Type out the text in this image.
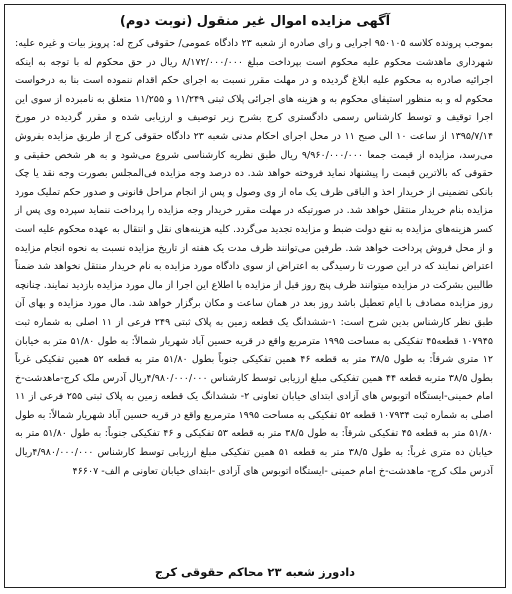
آگهی مزایده اموال غیر منقول (نوبت دوم)

بموجب پرونده کلاسه ۹۵۰۱۰۵ اجرایی و رای صادره از شعبه ۲۳ دادگاه عمومی/ حقوقی کرج له: پرویز بیات و غیره علیه: شهرداری ماهدشت محکوم علیه محکوم است بپرداخت مبلغ ۸/۱۷۲/۰۰۰/۰۰۰ ریال در حق محکوم له با توجه به اینکه اجرائیه صادره به محکوم علیه ابلاغ گردیده و در مهلت مقرر نسبت به اجرای حکم اقدام ننموده است بنا به درخواست محکوم له و به منظور استیفای محکوم به و هزینه های اجرائی پلاک ثبتی ۱۱/۲۴۹ و ۱۱/۲۵۵ متعلق به نامبرده از سوی این اجرا توقیف و توسط کارشناس رسمی دادگستری کرج بشرح زیر توصیف و ارزیابی شده و مقرر گردیده در مورخ ۱۳۹۵/۷/۱۴ از ساعت ۱۰ الی صبح ۱۱ در محل اجرای احکام مدنی شعبه ۲۳ دادگاه حقوقی کرج از طریق مزایده بفروش می‌رسد، مزایده از قیمت جمعا ۹/۹۶۰/۰۰۰/۰۰۰ ریال طبق نظریه کارشناسی شروع می‌شود و به هر شخص حقیقی و حقوقی که بالاترین قیمت را پیشنهاد نماید فروخته خواهد شد. ده درصد وجه مزایده فی‌المجلس بصورت وجه نقد یا چک بانکی تضمینی از خریدار اخذ و الباقی ظرف یک ماه از وی وصول و پس از انجام مراحل قانونی و صدور حکم تملیک مورد مزایده بنام خریدار منتقل خواهد شد. در صورتیکه در مهلت مقرر خریدار وجه مزایده را پرداخت ننماید سپرده وی پس از کسر هزینه‌های مزایده به نفع دولت ضبط و مزایده تجدید می‌گردد. کلیه هزینه‌های نقل و انتقال به عهده محکوم علیه است و از محل فروش پرداخت خواهد شد. طرفین می‌توانند ظرف مدت یک هفته از تاریخ مزایده نسبت به نحوه انجام مزایده اعتراض نمایند که در این صورت تا رسیدگی به اعتراض از سوی دادگاه مورد مزایده به نام خریدار منتقل نخواهد شد ضمناً طالبین بشرکت در مزایده میتوانند ظرف پنج روز قبل از مزایده با اطلاع این اجرا از مال مورد مزایده بازدید نمایند. چنانچه روز مزایده مصادف با ایام تعطیل باشد روز بعد در همان ساعت و مکان برگزار خواهد شد. مال مورد مزایده و بهای آن طبق نظر کارشناس بدین شرح است: ۱-ششدانگ یک قطعه زمین به پلاک ثبتی ۲۴۹ فرعی از ۱۱ اصلی به شماره ثبت ۱۰۷۹۴۵ قطعه۴۵ تفکیکی به مساحت ۱۹۹۵ مترمربع واقع در قریه حسین آباد شهریار شمالاً: به طول ۵۱/۸۰ متر به خیابان ۱۲ متری شرقاً: به طول ۳۸/۵ متر به قطعه ۴۶ همین تفکیکی جنوباً بطول ۵۱/۸۰ متر به قطعه ۵۲ همین تفکیکی غرباً بطول ۳۸/۵ متربه قطعه ۴۴ همین تفکیکی مبلغ ارزیابی توسط کارشناس ۴/۹۸۰/۰۰۰/۰۰۰ریال آدرس ملک کرج-ماهدشت-خ امام خمینی-ایستگاه اتوبوس های آزادی ابتدای خیابان تعاونی ۲- ششدانگ یک قطعه زمین به پلاک ثبتی ۲۵۵ فرعی از ۱۱ اصلی به شماره ثبت ۱۰۷۹۳۴ قطعه ۵۲ تفکیکی به مساحت ۱۹۹۵ مترمربع واقع در قریه حسین آباد شهریار شمالاً: به طول ۵۱/۸۰ متر به قطعه ۴۵ تفکیکی شرقاً: به طول ۳۸/۵ متر به قطعه ۵۳ تفکیکی و ۴۶ تفکیکی جنوباً: به طول ۵۱/۸۰ متر به خیابان ده متری غرباً: به طول ۳۸/۵ متر به قطعه ۵۱ همین تفکیکی مبلغ ارزیابی توسط کارشناس ۴/۹۸۰/۰۰۰/۰۰۰ریال آدرس ملک کرج- ماهدشت-خ امام خمینی -ایستگاه اتوبوس های آزادی -ابتدای خیابان تعاونی م الف- ۴۶۶۰۷

دادورز شعبه ۲۳ محاکم حقوقی کرج
